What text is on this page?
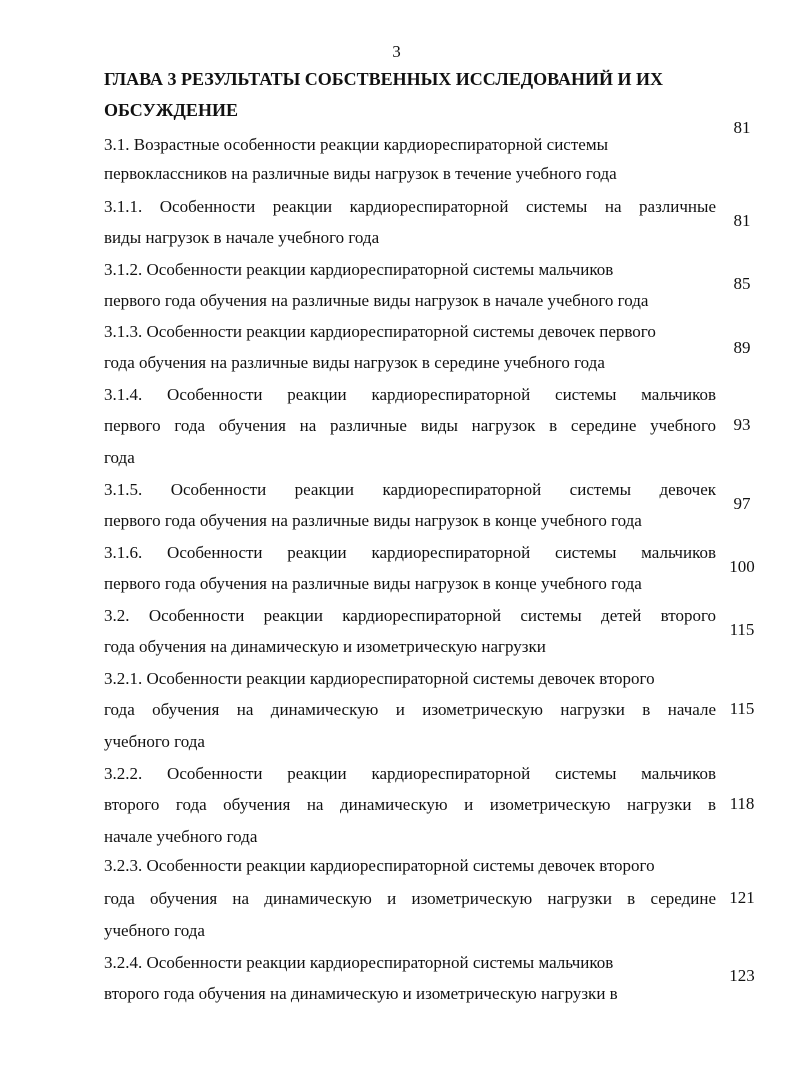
3
ГЛАВА 3 РЕЗУЛЬТАТЫ СОБСТВЕННЫХ ИССЛЕДОВАНИЙ И ИХ
ОБСУЖДЕНИЕ
3.1. Возрастные особенности реакции кардиореспираторной системы
первоклассников на различные виды нагрузок в течение учебного года
81
3.1.1. Особенности реакции кардиореспираторной системы на различные
виды нагрузок в начале учебного года
81
3.1.2. Особенности реакции кардиореспираторной системы мальчиков
первого года обучения на различные виды нагрузок в начале учебного года
85
3.1.3. Особенности реакции кардиореспираторной системы девочек первого
года обучения на различные виды нагрузок в середине учебного года
89
3.1.4. Особенности реакции кардиореспираторной системы мальчиков
первого года обучения на различные виды нагрузок в середине учебного
года
93
3.1.5. Особенности реакции кардиореспираторной системы девочек
первого года обучения на различные виды нагрузок в конце учебного года
97
3.1.6. Особенности реакции кардиореспираторной системы мальчиков
первого года обучения на различные виды нагрузок в конце учебного года
100
3.2. Особенности реакции кардиореспираторной системы детей второго
года обучения на динамическую и изометрическую нагрузки
115
3.2.1. Особенности реакции кардиореспираторной системы девочек второго
года обучения на динамическую и изометрическую нагрузки в начале
учебного года
115
3.2.2. Особенности реакции кардиореспираторной системы мальчиков
второго года обучения на динамическую и изометрическую нагрузки в
начале учебного года
118
3.2.3. Особенности реакции кардиореспираторной системы девочек второго
года обучения на динамическую и изометрическую нагрузки в середине
учебного года
121
3.2.4. Особенности реакции кардиореспираторной системы мальчиков
второго года обучения на динамическую и изометрическую нагрузки в
123
